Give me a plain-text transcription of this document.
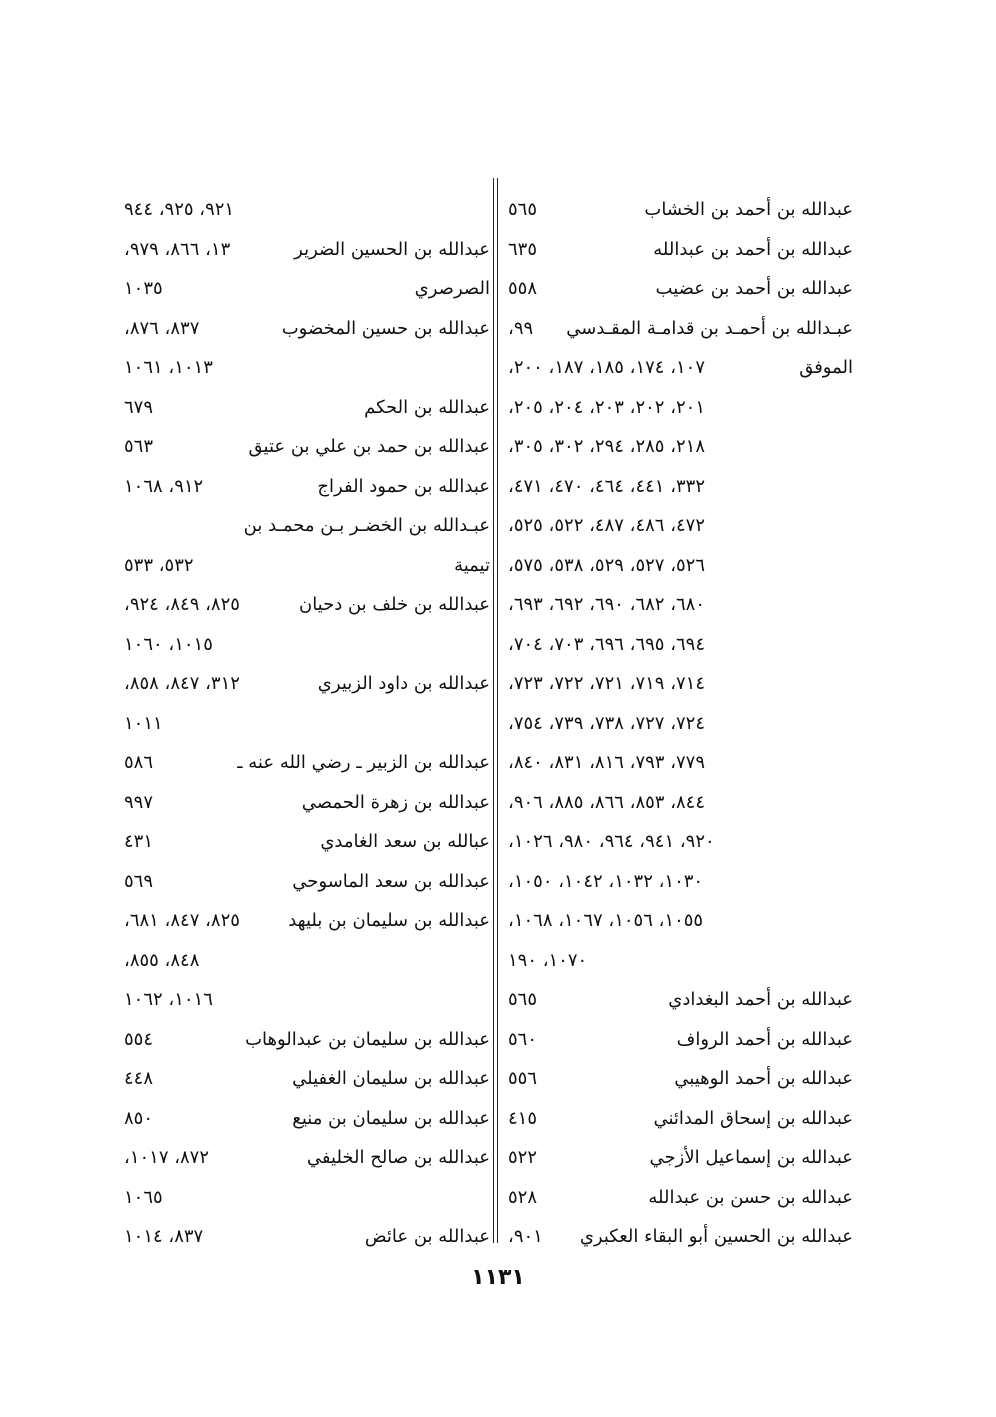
عبدالله بن أحمد بن الخشاب
٥٦٥
عبدالله بن أحمد بن عبدالله
٦٣٥
عبدالله بن أحمد بن عضيب
٥٥٨
عبـدالله بن أحمـد بن قدامـة المقـدسي
٩٩،
الموفق
١٠٧، ١٧٤، ١٨٥، ١٨٧، ٢٠٠،
٢٠١، ٢٠٢، ٢٠٣، ٢٠٤، ٢٠٥،
٢١٨، ٢٨٥، ٢٩٤، ٣٠٢، ٣٠٥،
٣٣٢، ٤٤١، ٤٦٤، ٤٧٠، ٤٧١،
٤٧٢، ٤٨٦، ٤٨٧، ٥٢٢، ٥٢٥،
٥٢٦، ٥٢٧، ٥٢٩، ٥٣٨، ٥٧٥،
٦٨٠، ٦٨٢، ٦٩٠، ٦٩٢، ٦٩٣،
٦٩٤، ٦٩٥، ٦٩٦، ٧٠٣، ٧٠٤،
٧١٤، ٧١٩، ٧٢١، ٧٢٢، ٧٢٣،
٧٢٤، ٧٢٧، ٧٣٨، ٧٣٩، ٧٥٤،
٧٧٩، ٧٩٣، ٨١٦، ٨٣١، ٨٤٠،
٨٤٤، ٨٥٣، ٨٦٦، ٨٨٥، ٩٠٦،
٩٢٠، ٩٤١، ٩٦٤، ٩٨٠، ١٠٢٦،
١٠٣٠، ١٠٣٢، ١٠٤٢، ١٠٥٠،
١٠٥٥، ١٠٥٦، ١٠٦٧، ١٠٦٨،
١٠٧٠، ١٩٠
عبدالله بن أحمد البغدادي
٥٦٥
عبدالله بن أحمد الرواف
٥٦٠
عبدالله بن أحمد الوهيبي
٥٥٦
عبدالله بن إسحاق المدائني
٤١٥
عبدالله بن إسماعيل الأزجي
٥٢٢
عبدالله بن حسن بن عبدالله
٥٢٨
عبدالله بن الحسين أبو البقاء العكبري
٩٠١،
٩٢١، ٩٢٥، ٩٤٤
عبدالله بن الحسين الضرير
١٣، ٨٦٦، ٩٧٩،
الصرصري
١٠٣٥
عبدالله بن حسين المخضوب
٨٣٧، ٨٧٦،
١٠١٣، ١٠٦١
عبدالله بن الحكم
٦٧٩
عبدالله بن حمد بن علي بن عتيق
٥٦٣
عبدالله بن حمود الفراج
٩١٢، ١٠٦٨
عبـدالله بن الخضـر بـن محمـد بن
تيمية
٥٣٢، ٥٣٣
عبدالله بن خلف بن دحيان
٨٢٥، ٨٤٩، ٩٢٤،
١٠١٥، ١٠٦٠
عبدالله بن داود الزبيري
٣١٢، ٨٤٧، ٨٥٨،
١٠١١
عبدالله بن الزبير ـ رضي الله عنه ـ
٥٨٦
عبدالله بن زهرة الحمصي
٩٩٧
عبالله بن سعد الغامدي
٤٣١
عبدالله بن سعد الماسوحي
٥٦٩
عبدالله بن سليمان بن بليهد
٨٢٥، ٨٤٧، ٦٨١،
٨٤٨، ٨٥٥،
١٠١٦، ١٠٦٢
عبدالله بن سليمان بن عبدالوهاب
٥٥٤
عبدالله بن سليمان الغفيلي
٤٤٨
عبدالله بن سليمان بن منيع
٨٥٠
عبدالله بن صالح الخليفي
٨٧٢، ١٠١٧،
١٠٦٥
عبدالله بن عائض
٨٣٧، ١٠١٤
١١٣١
